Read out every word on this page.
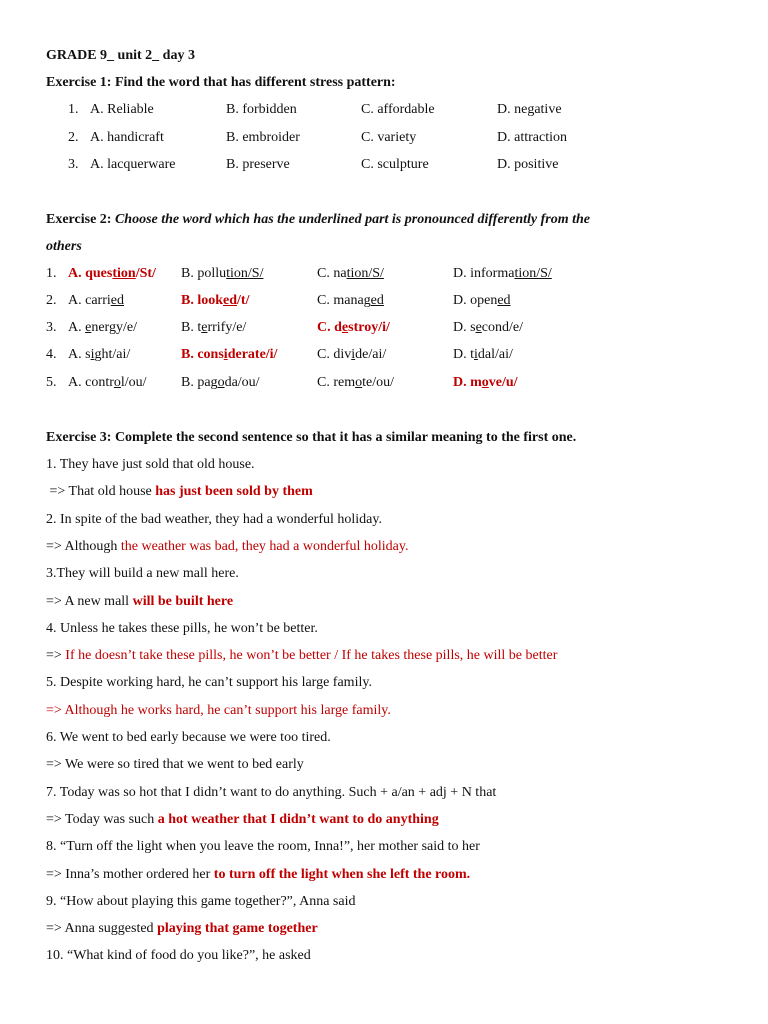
GRADE 9_ unit 2_ day 3
Exercise 1: Find the word that has different stress pattern:
1. A. Reliable	B. forbidden	C. affordable	D. negative
2. A. handicraft	B. embroider	C. variety	D. attraction
3. A. lacquerware	B. preserve	C. sculpture	D. positive
Exercise 2: Choose the word which has the underlined part is pronounced differently from the
others
1. A. question/St/ B. pollution/S/	C. nation/S/	D. information/S/
2. A. carried	B. looked/t/	C. managed	D. opened
3. A. energy/e/	B. terrify/e/	C. destroy/i/	D. second/e/
4. A. sight/ai/	B. considerate/i/	C. divide/ai/	D. tidal/ai/
5. A. control/ou/ B. pagoda/ou/	C. remote/ou/	D. move/u/
Exercise 3: Complete the second sentence so that it has a similar meaning to the first one.
1. They have just sold that old house.
=> That old house has just been sold by them
2. In spite of the bad weather, they had a wonderful holiday.
=> Although the weather was bad, they had a wonderful holiday.
3.They will build a new mall here.
=> A new mall will be built here
4. Unless he takes these pills, he won’t be better.
=> If he doesn’t take these pills, he won’t be better / If he takes these pills, he will be better
5. Despite working hard, he can’t support his large family.
=> Although he works hard, he can’t support his large family.
6. We went to bed early because we were too tired.
=> We were so tired that we went to bed early
7. Today was so hot that I didn’t want to do anything. Such + a/an + adj + N that
=> Today was such a hot weather that I didn’t want to do anything
8. “Turn off the light when you leave the room, Inna!”, her mother said to her
=> Inna’s mother ordered her to turn off the light when she left the room.
9. “How about playing this game together?”, Anna said
=> Anna suggested playing that game together
10. “What kind of food do you like?”, he asked
